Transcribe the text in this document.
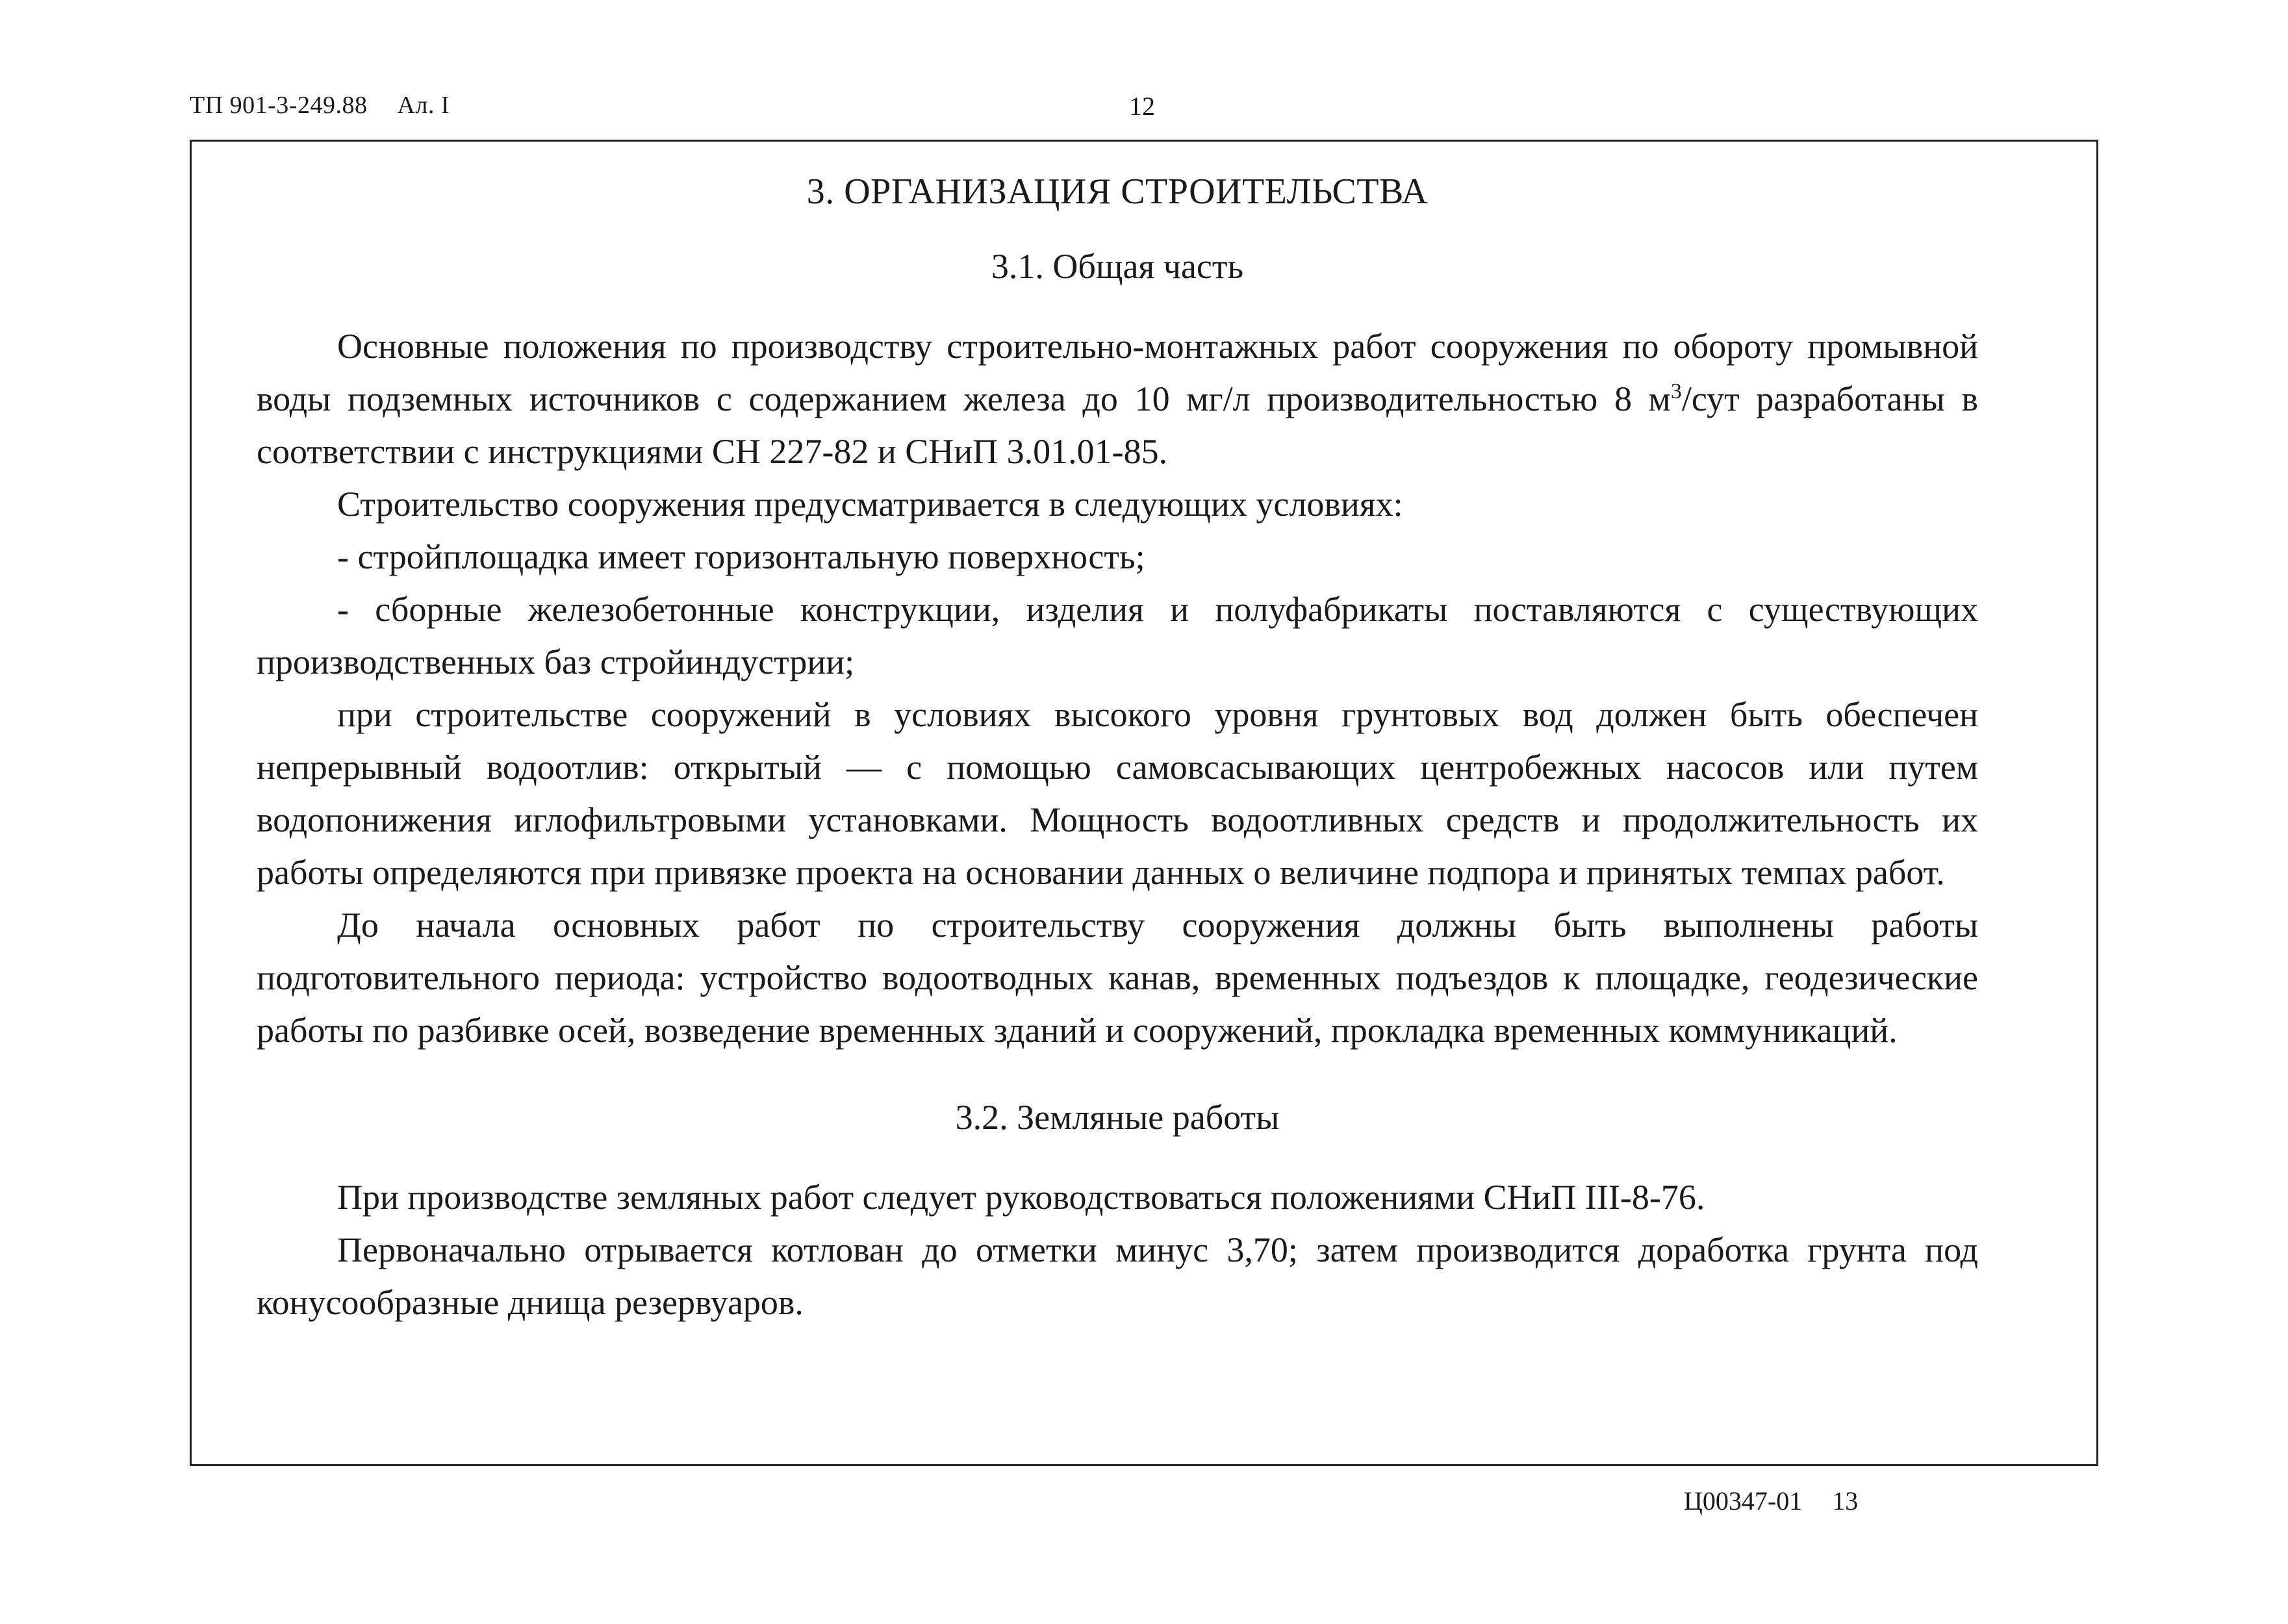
ТП 901-3-249.88 Ал. I	12
3. ОРГАНИЗАЦИЯ СТРОИТЕЛЬСТВА
3.1. Общая часть

Основные положения по производству строительно-монтажных работ сооружения по обороту промывной воды подземных источников с содержанием железа до 10 мг/л производительностью 8 $м^3$/сут разработаны в соответствии с инструкциями СН 227-82 и СНиП 3.01.01-85.

Строительство сооружения предусматривается в следующих условиях:

- стройплощадка имеет горизонтальную поверхность;

- сборные железобетонные конструкции, изделия и полуфабрикаты поставляются с существующих производственных баз стройиндустрии;

при строительстве сооружений в условиях высокого уровня грунтовых вод должен быть обеспечен непрерывный водоотлив: открытый — с помощью самовсасывающих центробежных насосов или путем водопонижения иглофильтровыми установками. Мощность водоотливных средств и продолжительность их работы определяются при привязке проекта на основании данных о величине подпора и принятых темпах работ.

До начала основных работ по строительству сооружения должны быть выполнены работы подготовительного периода: устройство водоотводных канав, временных подъездов к площадке, геодезические работы по разбивке осей, возведение временных зданий и сооружений, прокладка временных коммуникаций.

3.2. Земляные работы

При производстве земляных работ следует руководствоваться положениями СНиП III-8-76.

Первоначально отрывается котлован до отметки минус 3,70; затем производится доработка грунта под конусообразные днища резервуаров.

Ц00347-01 13
